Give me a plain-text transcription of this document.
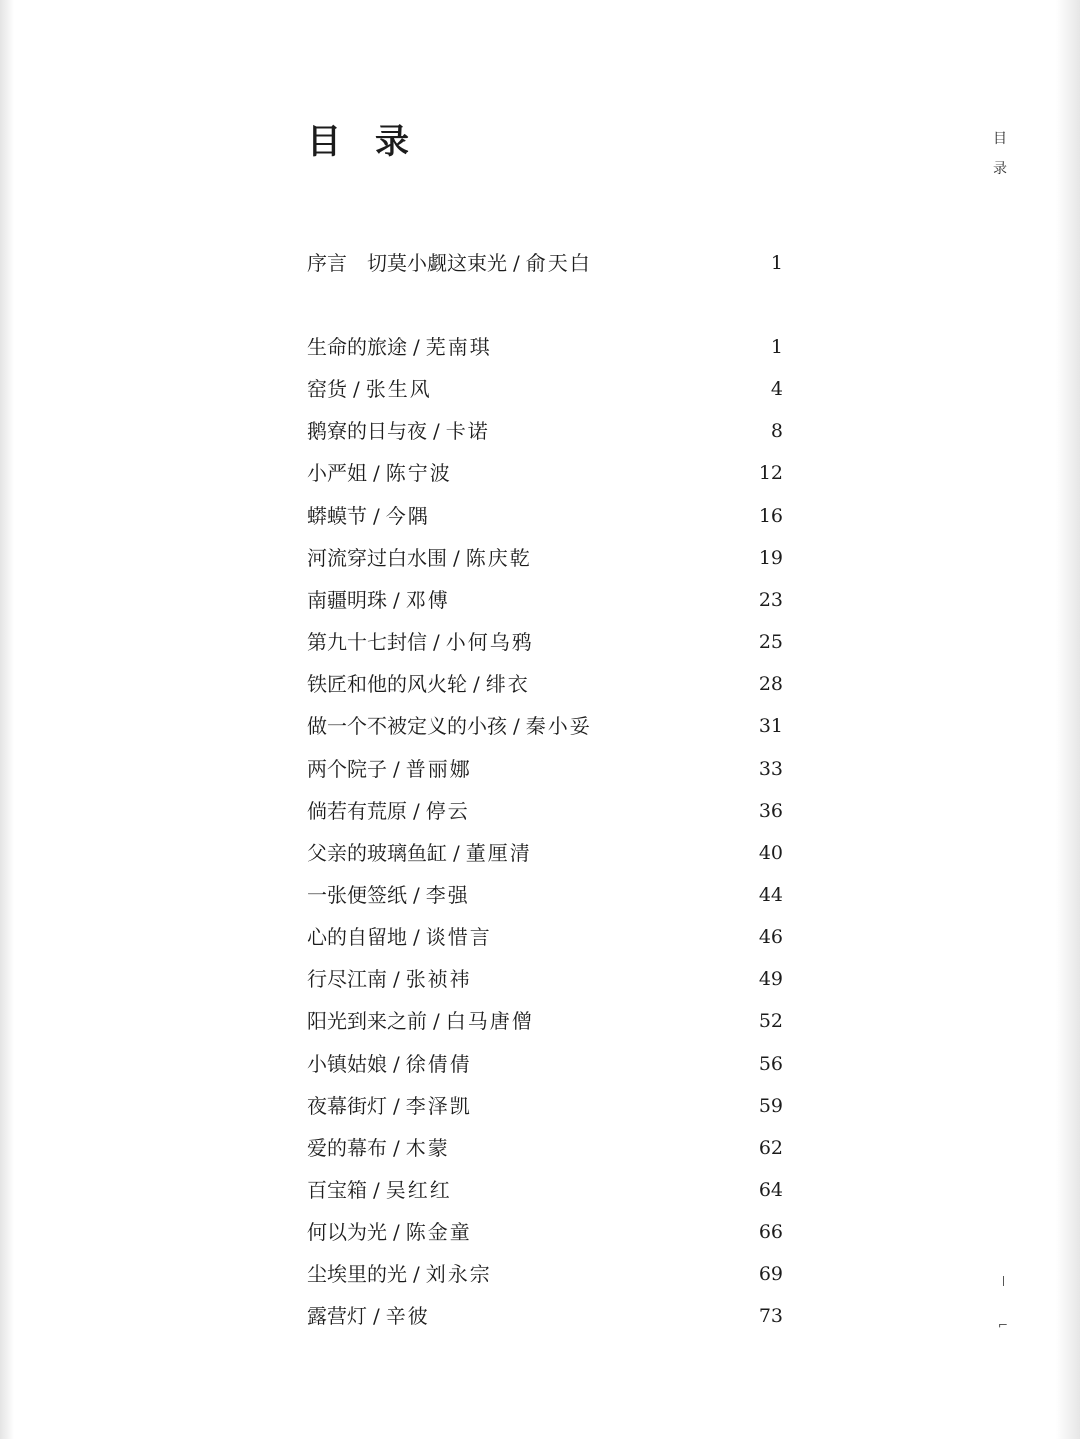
目　录	目
录
序言　 切莫小觑这束光 / 俞天白	1
生命的旅途 / 芜南琪	1
窑货 / 张生风	4
鹅寮的日与夜 / 卡诺	8
小严姐 / 陈宁波	12
蟒蟆节 / 今隅	16
河流穿过白水围 / 陈庆乾	19
南疆明珠 / 邓傅	23
第九十七封信 / 小何乌鸦	25
铁匠和他的风火轮 / 绯衣	28
做一个不被定义的小孩 / 秦小妥	31
两个院子 / 普丽娜	33
倘若有荒原 / 停云	36
父亲的玻璃鱼缸 / 董厘清	40
一张便签纸 / 李强	44
心的自留地 / 谈惜言	46
行尽江南 / 张祯祎	49
阳光到来之前 / 白马唐僧	52
小镇姑娘 / 徐倩倩	56
夜幕街灯 / 李泽凯	59
爱的幕布 / 木蒙	62
百宝箱 / 吴红红	64
何以为光 / 陈金童	66
尘埃里的光 / 刘永宗	69
露营灯 / 辛彼	73	⌐
